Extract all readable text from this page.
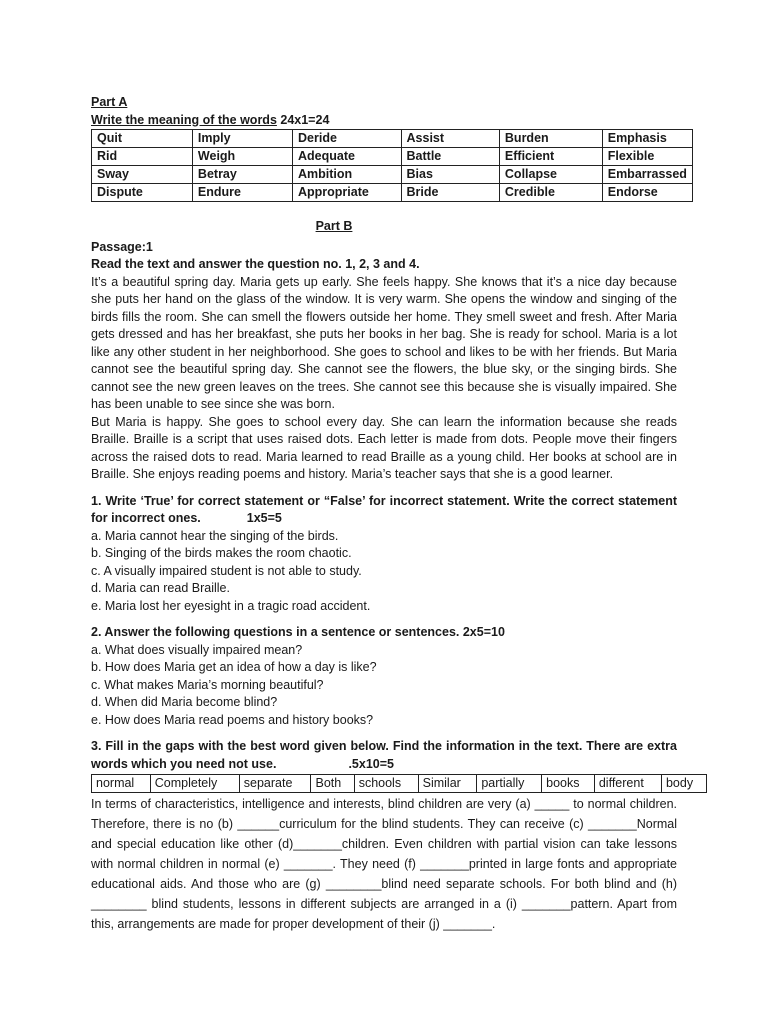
Part A
Write the meaning of the words 24x1=24
Quit	Imply	Deride	Assist	Burden	Emphasis
Rid	Weigh	Adequate	Battle	Efficient	Flexible
Sway	Betray	Ambition	Bias	Collapse	Embarrassed
Dispute	Endure	Appropriate	Bride	Credible	Endorse
Part B
Passage:1
Read the text and answer the question no. 1, 2, 3 and 4.
It’s a beautiful spring day. Maria gets up early. She feels happy. She knows that it’s a nice day because she puts her hand on the glass of the window. It is very warm. She opens the window and singing of the birds fills the room. She can smell the flowers outside her home. They smell sweet and fresh. After Maria gets dressed and has her breakfast, she puts her books in her bag. She is ready for school. Maria is a lot like any other student in her neighborhood. She goes to school and likes to be with her friends. But Maria cannot see the beautiful spring day. She cannot see the flowers, the blue sky, or the singing birds. She cannot see the new green leaves on the trees. She cannot see this because she is visually impaired. She has been unable to see since she was born.
But Maria is happy. She goes to school every day. She can learn the information because she reads Braille. Braille is a script that uses raised dots. Each letter is made from dots. People move their fingers across the raised dots to read. Maria learned to read Braille as a young child. Her books at school are in Braille. She enjoys reading poems and history. Maria’s teacher says that she is a good learner.
1. Write ‘True’ for correct statement or “False’ for incorrect statement. Write the correct statement for incorrect ones.	1x5=5
a. Maria cannot hear the singing of the birds.
b. Singing of the birds makes the room chaotic.
c. A visually impaired student is not able to study.
d. Maria can read Braille.
e. Maria lost her eyesight in a tragic road accident.
2. Answer the following questions in a sentence or sentences. 2x5=10
a. What does visually impaired mean?
b. How does Maria get an idea of how a day is like?
c. What makes Maria’s morning beautiful?
d. When did Maria become blind?
e. How does Maria read poems and history books?
3. Fill in the gaps with the best word given below. Find the information in the text. There are extra words which you need not use.	.5x10=5
normal	Completely	separate	Both	schools	Similar	partially	books	different	body
In terms of characteristics, intelligence and interests, blind children are very (a) _____ to normal children. Therefore, there is no (b) ______curriculum for the blind students. They can receive (c) _______Normal and special education like other (d)_______children. Even children with partial vision can take lessons with normal children in normal (e) _______. They need (f) _______printed in large fonts and appropriate educational aids. And those who are (g) ________blind need separate schools. For both blind and (h) ________ blind students, lessons in different subjects are arranged in a (i) _______pattern. Apart from this, arrangements are made for proper development of their (j) _______.
